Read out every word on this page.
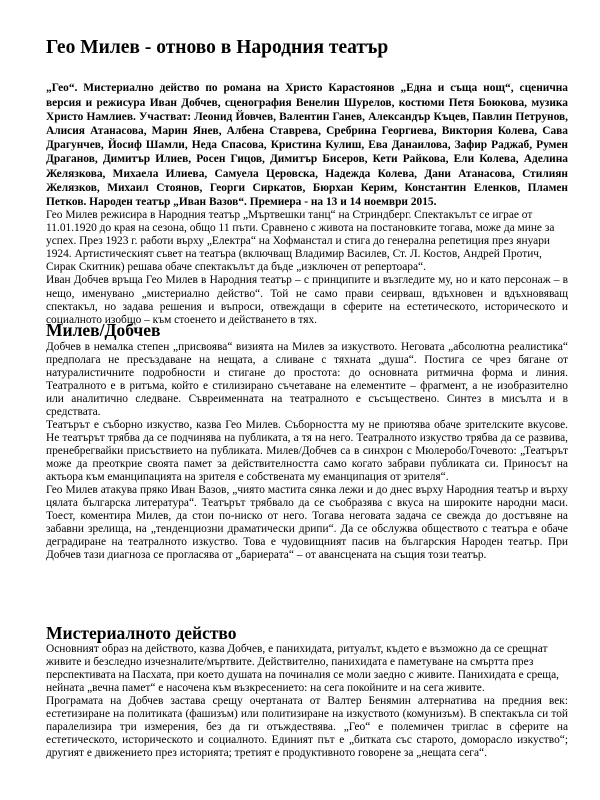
Гео Милев - отново в Народния театър

„Гео“. Мистериално действо по романа на Христо Карастоянов „Една и съща нощ“, сценична версия и режисура Иван Добчев, сценография Венелин Шурелов, костюми Петя Боюкова, музика Христо Намлиев. Участват: Леонид Йовчев, Валентин Ганев, Александър Къцев, Павлин Петрунов, Алисия Атанасова, Марин Янев, Албена Ставрева, Сребрина Георгиева, Виктория Колева, Сава Драгунчев, Йосиф Шамли, Неда Спасова, Кристина Кулиш, Ева Данаилова, Зафир Раджаб, Румен Драганов, Димитър Илиев, Росен Гицов, Димитър Бисеров, Кети Райкова, Ели Колева, Аделина Желязкова, Михаела Илиева, Самуела Церовска, Надежда Колева, Дани Атанасова, Стилиян Желязков, Михаил Стоянов, Георги Сиркатов, Бюрхан Керим, Константин Еленков, Пламен Петков. Народен театър „Иван Вазов“. Премиера - на 13 и 14 ноември 2015.

Гео Милев режисира в Народния театър „Мъртвешки танц“ на Стриндберг. Спектакълът се играе от 11.01.1920 до края на сезона, общо 11 пъти. Сравнено с живота на постановките тогава, може да мине за успех. През 1923 г. работи върху „Електра“ на Хофманстал и стига до генерална репетиция през януари 1924. Артистическият съвет на театъра (включващ Владимир Василев, Ст. Л. Костов, Андрей Протич, Сирак Скитник) решава обаче спектакълът да бъде „изключен от репертоара“.

Иван Добчев връща Гео Милев в Народния театър – с принципите и възгледите му, но и като персонаж – в нещо, именувано „мистериално действо“. Той не само прави сеирваш, вдъхновен и вдъхновяващ спектакъл, но задава решения и въпроси, отвеждащи в сферите на естетическото, историческото и социалното изобщо – към стоенето и действането в тях.

Милев/Добчев

Добчев в немалка степен „присвоява“ визията на Милев за изкуството. Неговата „абсолютна реалистика“ предполага не пресъздаване на нещата, а сливане с тяхната „душа“. Постига се чрез бягане от натуралистичните подробности и стигане до простота: до основната ритмична форма и линия. Театралното е в ритъма, който е стилизирано съчетаване на елементите – фрагмент, а не изобразително или аналитично следване. Съвреименната на театралното е съсъществено. Синтез в мисълта и в средствата.

Театърът е съборно изкуство, казва Гео Милев. Съборността му не приютява обаче зрителските вкусове. Не театърът трябва да се подчинява на публиката, а тя на него. Театралното изкуство трябва да се развива, пренебрегвайки присъствието на публиката. Милев/Добчев са в синхрон с Мюлеробо/Гочевото: „Театърът може да преоткрие своята памет за действителността само когато забрави публиката си. Приносът на актьора към еманципацията на зрителя е собствената му еманципация от зрителя“.

Гео Милев атакува пряко Иван Вазов, „чиято мастита сянка лежи и до днес върху Народния театър и върху цялата българска литература“. Театърът трябвало да се съобразява с вкуса на широките народни маси. Тоест, коментира Милев, да стои по-ниско от него. Тогава неговата задача се свежда до достъвяне на забавни зрелища, на „тенденциозни драматически дрипи“. Да се обслужва обществото с театъра е обаче деградиране на театралното изкуство. Това е чудовищният пасив на българския Народен театър. При Добчев тази диагноза се прогласява от „бариерата“ – от авансцената на същия този театър.

Мистериалното действо

Основният образ на действото, казва Добчев, е панихидата, ритуалът, където е възможно да се срещнат живите и безследно изчезналите/мъртвите. Действително, панихидата е паметуване на смъртта през перспективата на Пасхата, при което душата на починалия се моли заедно с живите. Панихидата е среща, нейната „вечна памет“ е насочена към възкресението: на сега покойните и на сега живите.

Програмата на Добчев застава срещу очертаната от Валтер Бенямин алтернатива на предния век: естетизиране на политиката (фашизъм) или политизиране на изкуството (комунизъм). В спектакъла си той паралелизира три измерения, без да ги отъждествява. „Гео“ е полемичен триглас в сферите на естетическото, историческото и социалното. Единият път е „битката със старото, доморасло изкуство“; другият е движението през историята; третият е продуктивното говорене за „нещата сега“.
